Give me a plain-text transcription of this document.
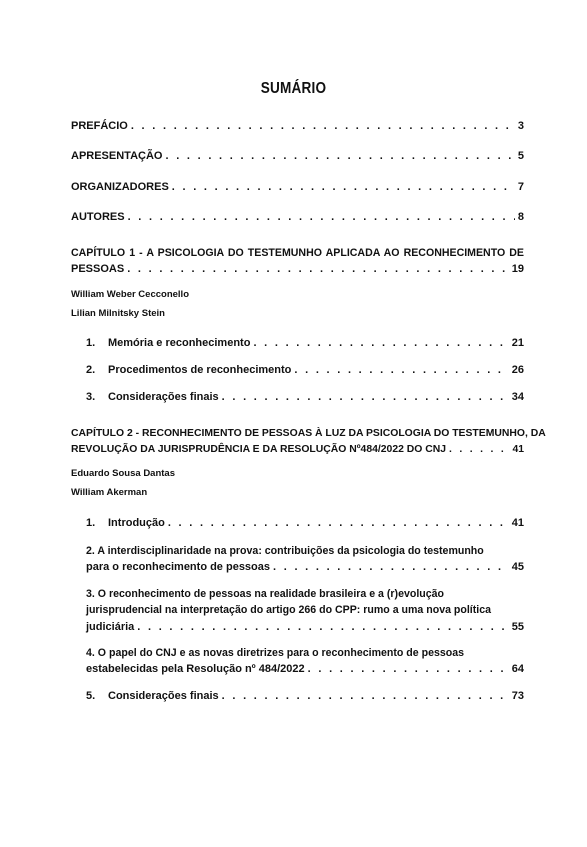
SUMÁRIO
PREFÁCIO . . .	3
APRESENTAÇÃO . . .	5
ORGANIZADORES . . .	7
AUTORES . . .	8
CAPÍTULO 1 - A PSICOLOGIA DO TESTEMUNHO APLICADA AO RECONHECIMENTO DE
PESSOAS . . .	19
William Weber Cecconello
Lilian Milnitsky Stein
1. Memória e reconhecimento . . .	21
2. Procedimentos de reconhecimento . . .	26
3. Considerações finais . . .	34
CAPÍTULO 2 - RECONHECIMENTO DE PESSOAS À LUZ DA PSICOLOGIA DO TESTEMUNHO, DA
REVOLUÇÃO DA JURISPRUDÊNCIA E DA RESOLUÇÃO Nº484/2022 DO CNJ . . .	41
Eduardo Sousa Dantas
William Akerman
1. Introdução . . .	41
2. A interdisciplinaridade na prova: contribuições da psicologia do testemunho
para o reconhecimento de pessoas . . .	45
3. O reconhecimento de pessoas na realidade brasileira e a (r)evolução
jurisprudencial na interpretação do artigo 266 do CPP: rumo a uma nova política
judiciária . . .	55
4. O papel do CNJ e as novas diretrizes para o reconhecimento de pessoas
estabelecidas pela Resolução nº 484/2022 . . .	64
5. Considerações finais . . .	73
